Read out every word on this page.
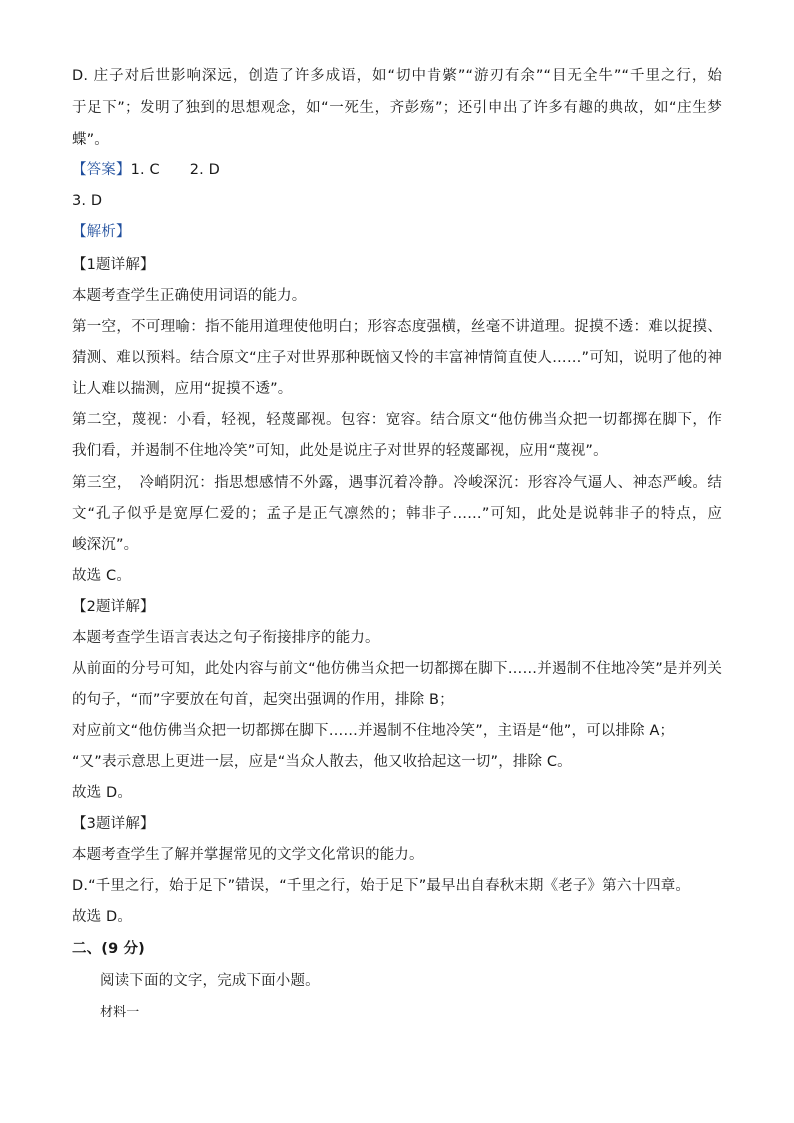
D. 庄子对后世影响深远，创造了许多成语，如“切中肯綮”“游刃有余”“目无全牛”“千里之行，始
于足下”；发明了独到的思想观念，如“一死生，齐彭殇”；还引申出了许多有趣的典故，如“庄生梦
蝶”。
【答案】1. C 2. D
3. D
【解析】
【1题详解】
本题考查学生正确使用词语的能力。
第一空，不可理喻：指不能用道理使他明白；形容态度强横，丝毫不讲道理。捉摸不透：难以捉摸、
猜测、难以预料。结合原文“庄子对世界那种既恼又怜的丰富神情简直使人……”可知，说明了他的神
让人难以揣测，应用“捉摸不透”。
第二空，蔑视：小看，轻视，轻蔑鄙视。包容：宽容。结合原文“他仿佛当众把一切都掷在脚下，作
我们看，并遏制不住地冷笑”可知，此处是说庄子对世界的轻蔑鄙视，应用“蔑视”。
第三空，　冷峭阴沉：指思想感情不外露，遇事沉着冷静。冷峻深沉：形容冷气逼人、神态严峻。结
文“孔子似乎是宽厚仁爱的；孟子是正气凛然的；韩非子……”可知，此处是说韩非子的特点，应
峻深沉”。
故选 C。
【2题详解】
本题考查学生语言表达之句子衔接排序的能力。
从前面的分号可知，此处内容与前文“他仿佛当众把一切都掷在脚下……并遏制不住地冷笑”是并列关
的句子，“而”字要放在句首，起突出强调的作用，排除 B；
对应前文“他仿佛当众把一切都掷在脚下……并遏制不住地冷笑”，主语是“他”，可以排除 A；
“又”表示意思上更进一层，应是“当众人散去，他又收拾起这一切”，排除 C。
故选 D。
【3题详解】
本题考查学生了解并掌握常见的文学文化常识的能力。
D.“千里之行，始于足下”错误，“千里之行，始于足下”最早出自春秋末期《老子》第六十四章。
故选 D。
二、(9 分)
阅读下面的文字，完成下面小题。
材料一
